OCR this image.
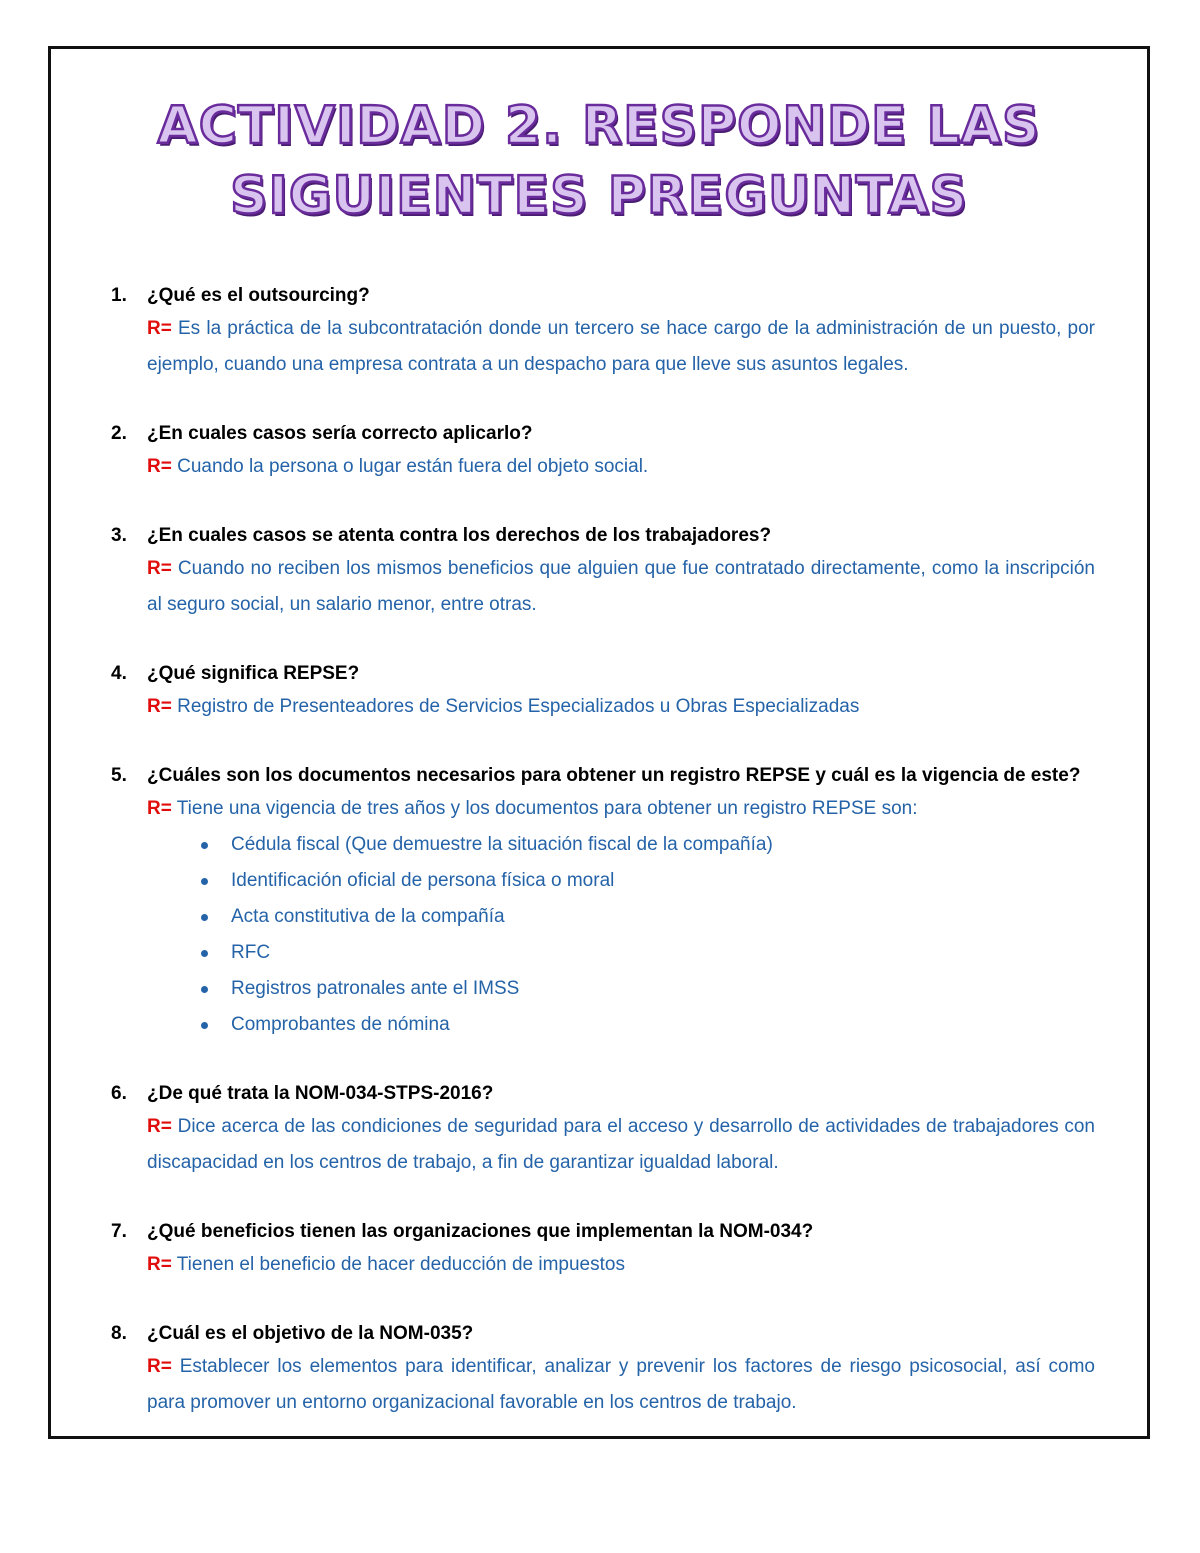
ACTIVIDAD 2. RESPONDE LAS
SIGUIENTES PREGUNTAS
1. ¿Qué es el outsourcing?

R= Es la práctica de la subcontratación donde un tercero se hace cargo de la administración de un puesto, por ejemplo, cuando una empresa contrata a un despacho para que lleve sus asuntos legales.

2. ¿En cuales casos sería correcto aplicarlo?

R= Cuando la persona o lugar están fuera del objeto social.

3. ¿En cuales casos se atenta contra los derechos de los trabajadores?

R= Cuando no reciben los mismos beneficios que alguien que fue contratado directamente, como la inscripción al seguro social, un salario menor, entre otras.

4. ¿Qué significa REPSE?

R= Registro de Presenteadores de Servicios Especializados u Obras Especializadas

5. ¿Cuáles son los documentos necesarios para obtener un registro REPSE y cuál es la vigencia de este?

R= Tiene una vigencia de tres años y los documentos para obtener un registro REPSE son:

Cédula fiscal (Que demuestre la situación fiscal de la compañía)
Identificación oficial de persona física o moral
Acta constitutiva de la compañía
RFC
Registros patronales ante el IMSS
Comprobantes de nómina
6. ¿De qué trata la NOM-034-STPS-2016?

R= Dice acerca de las condiciones de seguridad para el acceso y desarrollo de actividades de trabajadores con discapacidad en los centros de trabajo, a fin de garantizar igualdad laboral.

7. ¿Qué beneficios tienen las organizaciones que implementan la NOM-034?

R= Tienen el beneficio de hacer deducción de impuestos

8. ¿Cuál es el objetivo de la NOM-035?

R= Establecer los elementos para identificar, analizar y prevenir los factores de riesgo psicosocial, así como para promover un entorno organizacional favorable en los centros de trabajo.
